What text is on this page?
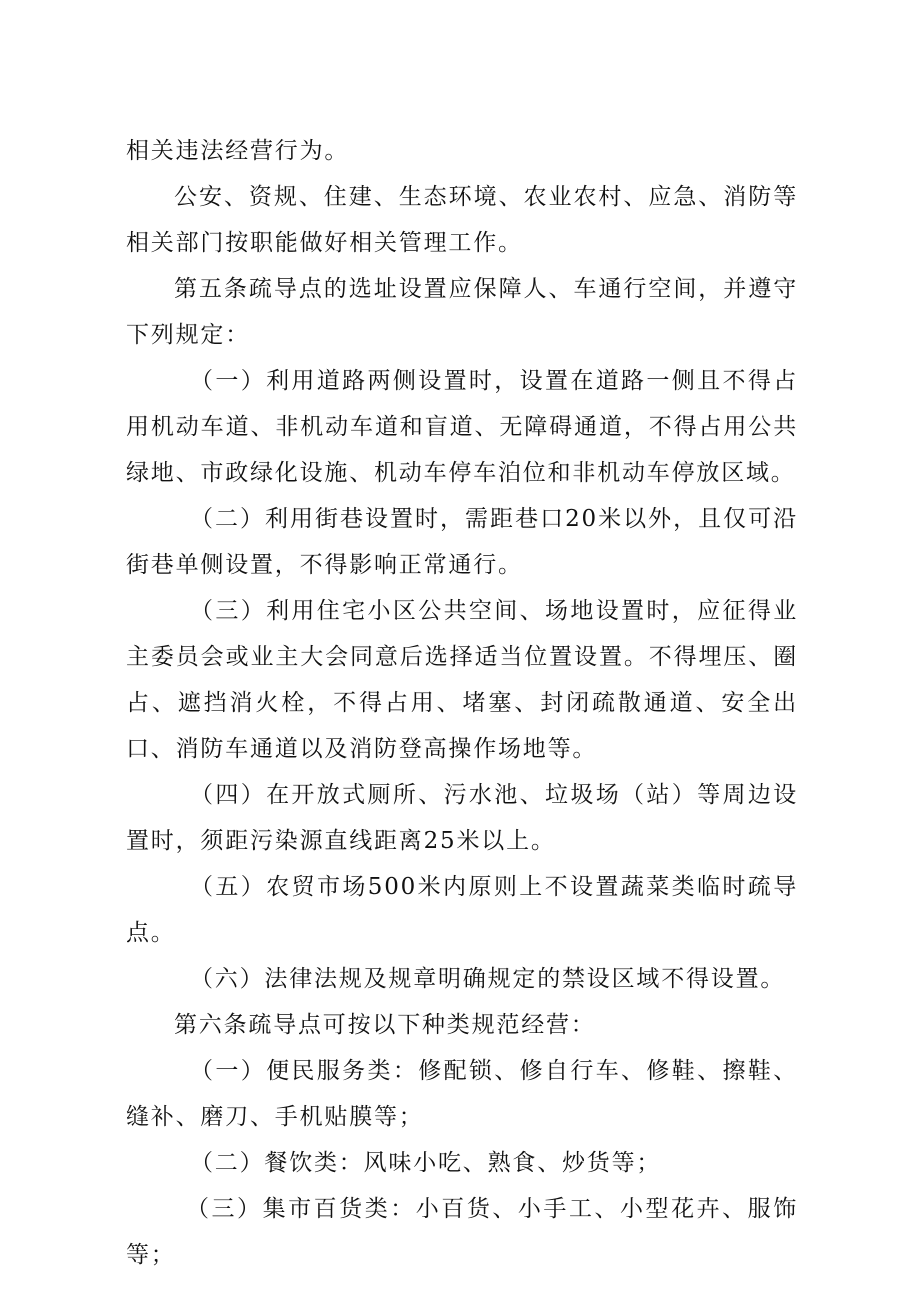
相关违法经营行为。

公安、资规、住建、生态环境、农业农村、应急、消防等相关部门按职能做好相关管理工作。

第五条疏导点的选址设置应保障人、车通行空间，并遵守下列规定：

（一）利用道路两侧设置时，设置在道路一侧且不得占用机动车道、非机动车道和盲道、无障碍通道，不得占用公共绿地、市政绿化设施、机动车停车泊位和非机动车停放区域。

（二）利用街巷设置时，需距巷口20米以外，且仅可沿街巷单侧设置，不得影响正常通行。

（三）利用住宅小区公共空间、场地设置时，应征得业主委员会或业主大会同意后选择适当位置设置。不得埋压、圈占、遮挡消火栓，不得占用、堵塞、封闭疏散通道、安全出口、消防车通道以及消防登高操作场地等。

（四）在开放式厕所、污水池、垃圾场（站）等周边设置时，须距污染源直线距离25米以上。

（五）农贸市场500米内原则上不设置蔬菜类临时疏导点。

（六）法律法规及规章明确规定的禁设区域不得设置。

第六条疏导点可按以下种类规范经营：

（一）便民服务类：修配锁、修自行车、修鞋、擦鞋、缝补、磨刀、手机贴膜等；

（二）餐饮类：风味小吃、熟食、炒货等；

（三）集市百货类：小百货、小手工、小型花卉、服饰等；
